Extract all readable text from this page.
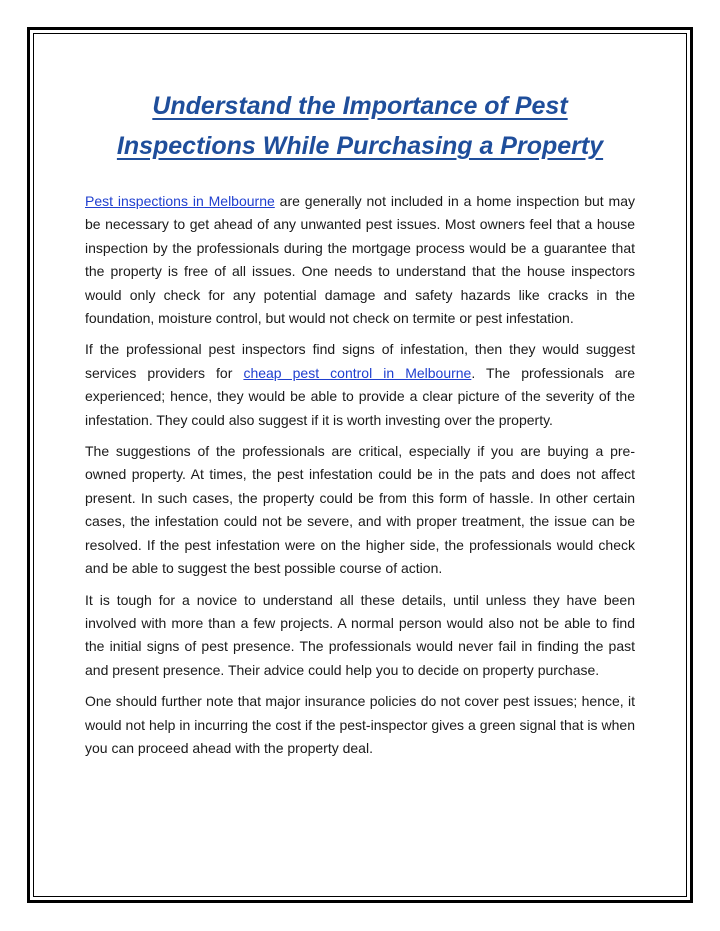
Understand the Importance of Pest
Inspections While Purchasing a Property

Pest inspections in Melbourne are generally not included in a home inspection but may be necessary to get ahead of any unwanted pest issues. Most owners feel that a house inspection by the professionals during the mortgage process would be a guarantee that the property is free of all issues. One needs to understand that the house inspectors would only check for any potential damage and safety hazards like cracks in the foundation, moisture control, but would not check on termite or pest infestation.

If the professional pest inspectors find signs of infestation, then they would suggest services providers for cheap pest control in Melbourne. The professionals are experienced; hence, they would be able to provide a clear picture of the severity of the infestation. They could also suggest if it is worth investing over the property.

The suggestions of the professionals are critical, especially if you are buying a pre-owned property. At times, the pest infestation could be in the pats and does not affect present. In such cases, the property could be from this form of hassle. In other certain cases, the infestation could not be severe, and with proper treatment, the issue can be resolved. If the pest infestation were on the higher side, the professionals would check and be able to suggest the best possible course of action.

It is tough for a novice to understand all these details, until unless they have been involved with more than a few projects. A normal person would also not be able to find the initial signs of pest presence. The professionals would never fail in finding the past and present presence. Their advice could help you to decide on property purchase.

One should further note that major insurance policies do not cover pest issues; hence, it would not help in incurring the cost if the pest-inspector gives a green signal that is when you can proceed ahead with the property deal.
